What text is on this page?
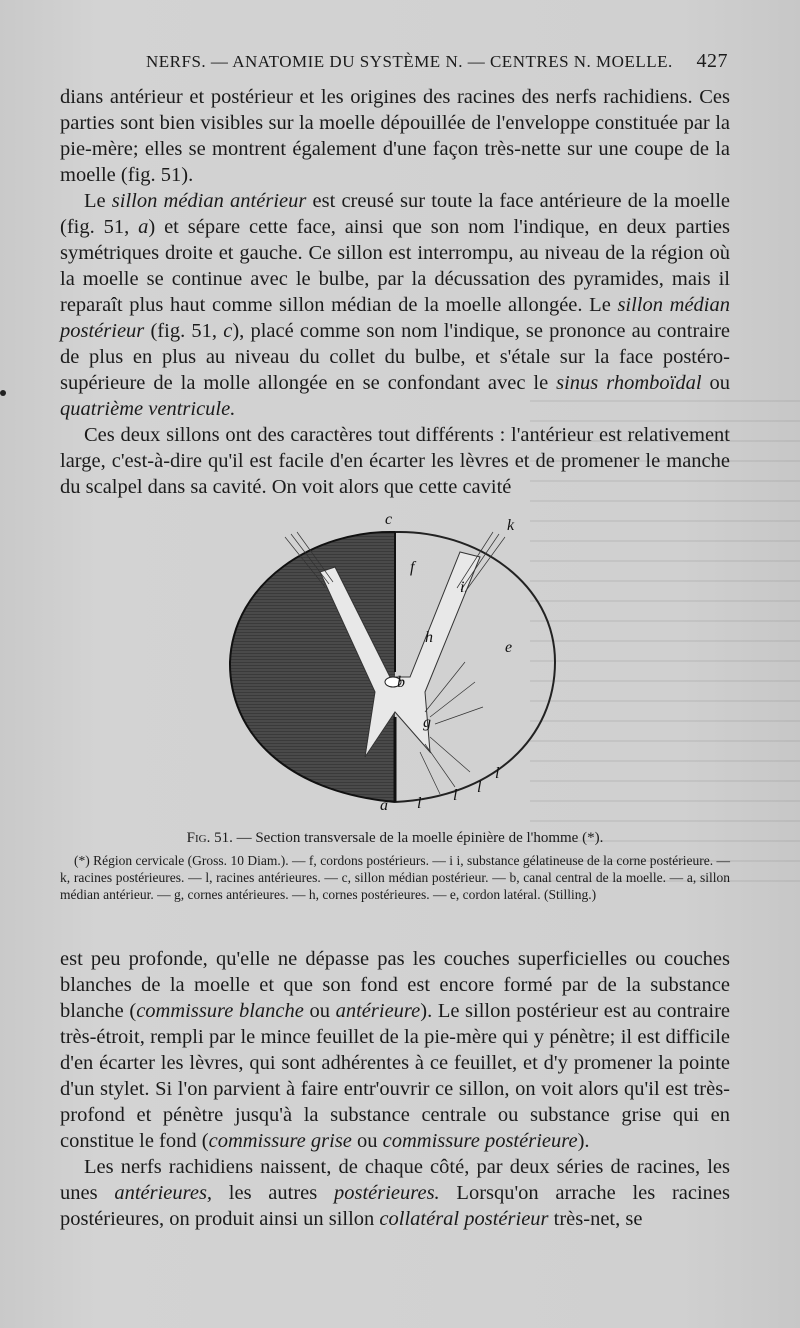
NERFS. — ANATOMIE DU SYSTÈME N. — CENTRES N. MOELLE. 427

dians antérieur et postérieur et les origines des racines des nerfs rachidiens. Ces parties sont bien visibles sur la moelle dépouillée de l'enveloppe constituée par la pie-mère; elles se montrent également d'une façon très-nette sur une coupe de la moelle (fig. 51).

Le sillon médian antérieur est creusé sur toute la face antérieure de la moelle (fig. 51, a) et sépare cette face, ainsi que son nom l'indique, en deux parties symétriques droite et gauche. Ce sillon est interrompu, au niveau de la région où la moelle se continue avec le bulbe, par la décussation des pyramides, mais il reparaît plus haut comme sillon médian de la moelle allongée. Le sillon médian postérieur (fig. 51, c), placé comme son nom l'indique, se prononce au contraire de plus en plus au niveau du collet du bulbe, et s'étale sur la face postéro-supérieure de la molle allongée en se confondant avec le sinus rhomboïdal ou quatrième ventricule.

Ces deux sillons ont des caractères tout différents : l'antérieur est relativement large, c'est-à-dire qu'il est facile d'en écarter les lèvres et de promener le manche du scalpel dans sa cavité. On voit alors que cette cavité

c	k
f
i
h
e
b
g
a l l l
l
Fig. 51. — Section transversale de la moelle épinière de l'homme (*).

(*) Région cervicale (Gross. 10 Diam.). — f, cordons postérieurs. — i i, substance gélatineuse de la corne postérieure. — k, racines postérieures. — l, racines antérieures. — c, sillon médian postérieur. — b, canal central de la moelle. — a, sillon médian antérieur. — g, cornes antérieures. — h, cornes postérieures. — e, cordon latéral. (Stilling.)

est peu profonde, qu'elle ne dépasse pas les couches superficielles ou couches blanches de la moelle et que son fond est encore formé par de la substance blanche (commissure blanche ou antérieure). Le sillon postérieur est au contraire très-étroit, rempli par le mince feuillet de la pie-mère qui y pénètre; il est difficile d'en écarter les lèvres, qui sont adhérentes à ce feuillet, et d'y promener la pointe d'un stylet. Si l'on parvient à faire entr'ouvrir ce sillon, on voit alors qu'il est très-profond et pénètre jusqu'à la substance centrale ou substance grise qui en constitue le fond (commissure grise ou commissure postérieure).

Les nerfs rachidiens naissent, de chaque côté, par deux séries de racines, les unes antérieures, les autres postérieures. Lorsqu'on arrache les racines postérieures, on produit ainsi un sillon collatéral postérieur très-net, se
